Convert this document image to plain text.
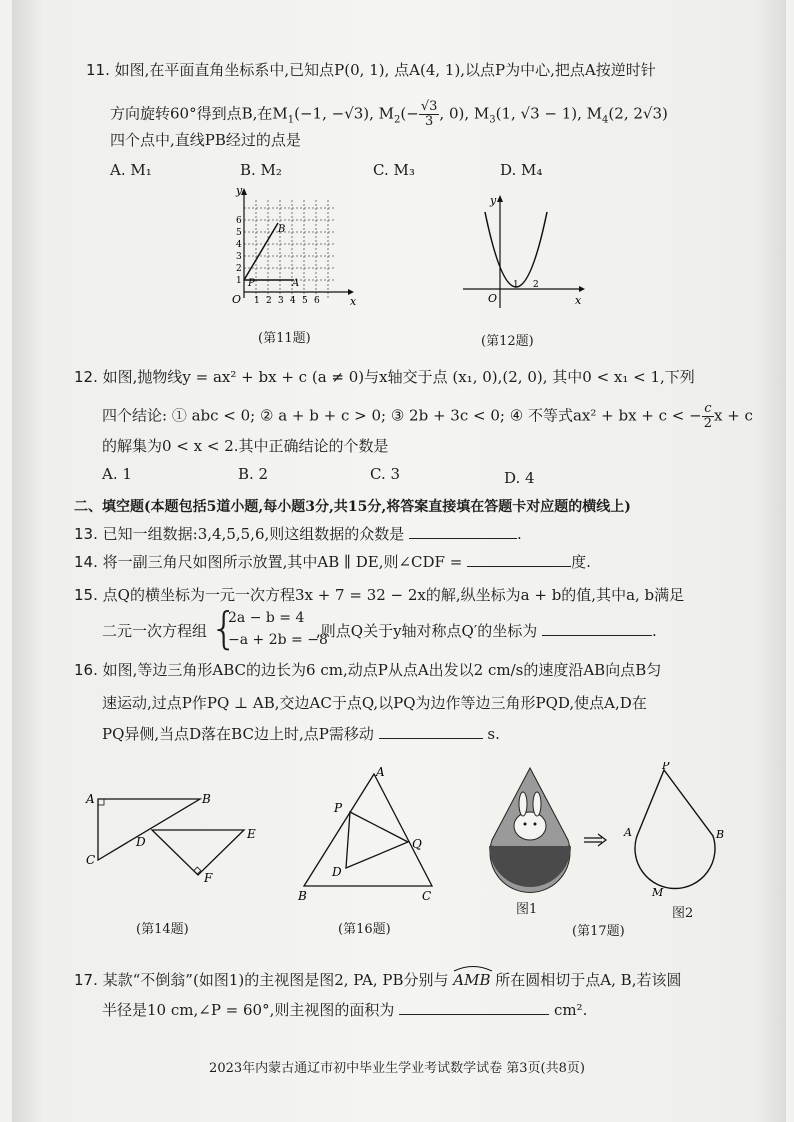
11. 如图,在平面直角坐标系中,已知点P(0, 1), 点A(4, 1),以点P为中心,把点A按逆时针
方向旋转60°得到点B,在$M_1(-1$, −√3), $M_2(- \frac{√3}{3}$ , 0), $M_3(1$, √3 − 1), $M_4(2$, 2√3)
四个点中,直线PB经过的点是
A. M₁	B. M₂	C. M₃	D. M₄
y
x
O
P	A
B
1 2 3 4 5 6
1
2
3
4
5
6
(第11题)
y
x
O
1 2
(第12题)
12. 如图,抛物线y = ax² + bx + c (a ≠ 0)与x轴交于点 (x₁, 0),(2, 0), 其中0 < x₁ < 1,下列
四个结论: ① abc < 0; ② a + b + c > 0; ③ 2b + 3c < 0; ④ 不等式ax² + bx + c < − $\frac{c}{2}$ x + c
的解集为0 < x < 2.其中正确结论的个数是
A. 1	B. 2	C. 3	D. 4
二、填空题(本题包括5道小题,每小题3分,共15分,将答案直接填在答题卡对应题的横线上)
13. 已知一组数据:3,4,5,5,6,则这组数据的众数是	.
14. 将一副三角尺如图所示放置,其中AB ∥ DE,则∠CDF =	度.
15. 点Q的横坐标为一元一次方程3x + 7 = 32 − 2x的解,纵坐标为a + b的值,其中a, b满足
二元一次方程组 {
2a − b = 4
−a + 2b = −8
,则点Q关于y轴对称点Q′的坐标为	.
16. 如图,等边三角形ABC的边长为6 cm,动点P从点A出发以2 cm/s的速度沿AB向点B匀
速运动,过点P作PQ ⊥ AB,交边AC于点Q,以PQ为边作等边三角形PQD,使点A,D在
PQ异侧,当点D落在BC边上时,点P需移动	s.
A	B
C
D
E
F
(第14题)
A
P
Q
D
B	C
(第16题)
P
A	B
M
图1	图2
(第17题)
17. 某款“不倒翁”(如图1)的主视图是图2, PA, PB分别与 AMB 所在圆相切于点A, B,若该圆
半径是10 cm,∠P = 60°,则主视图的面积为	cm².
2023年内蒙古通辽市初中毕业生学业考试数学试卷 第3页(共8页)
